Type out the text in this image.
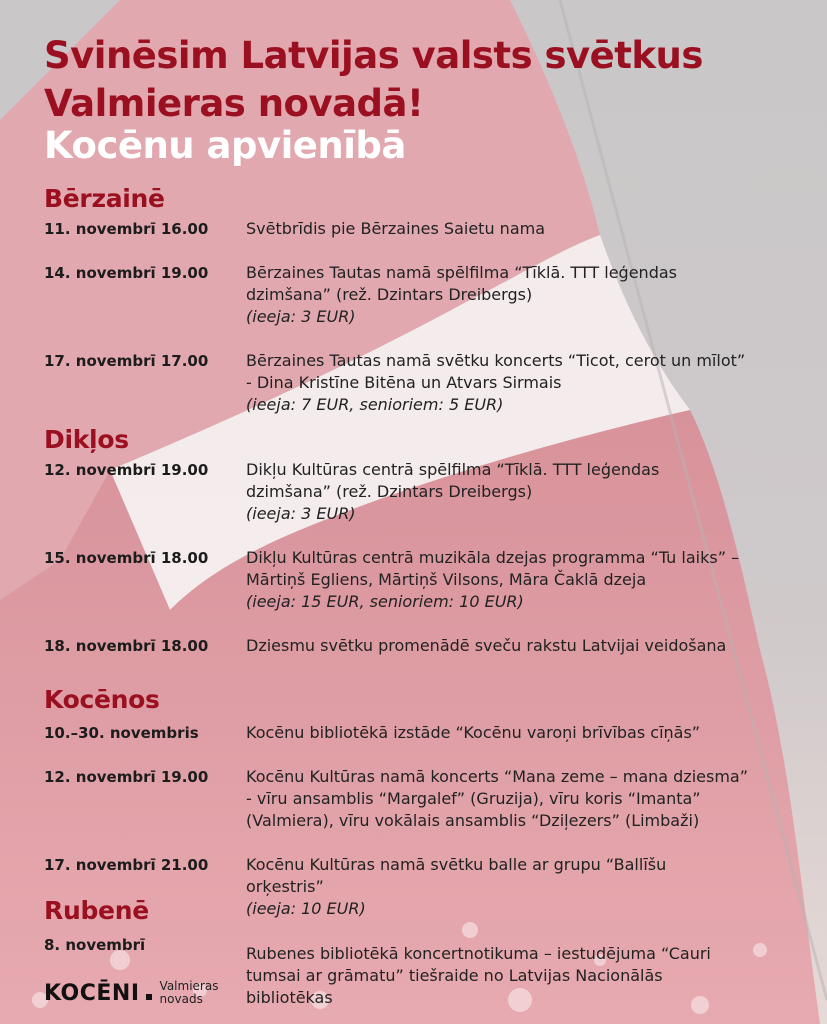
Svinēsim Latvijas valsts svētkus
Valmieras novadā!
Kocēnu apvienībā
Bērzainē
11. novembrī 16.00 Svētbrīdis pie Bērzaines Saietu nama
14. novembrī 19.00 Bērzaines Tautas namā spēlfilma “Tīklā. TTT leģendas
dzimšana” (rež. Dzintars Dreibergs)
(ieeja: 3 EUR)
17. novembrī 17.00 Bērzaines Tautas namā svētku koncerts “Ticot, cerot un mīlot”
- Dina Kristīne Bitēna un Atvars Sirmais
(ieeja: 7 EUR, senioriem: 5 EUR)
Dikļos
12. novembrī 19.00 Dikļu Kultūras centrā spēlfilma “Tīklā. TTT leģendas
dzimšana” (rež. Dzintars Dreibergs)
(ieeja: 3 EUR)
15. novembrī 18.00 Dikļu Kultūras centrā muzikāla dzejas programma “Tu laiks” –
Mārtiņš Egliens, Mārtiņš Vilsons, Māra Čaklā dzeja
(ieeja: 15 EUR, senioriem: 10 EUR)
18. novembrī 18.00 Dziesmu svētku promenādē sveču rakstu Latvijai veidošana
Kocēnos
10.–30. novembris	Kocēnu bibliotēkā izstāde “Kocēnu varoņi brīvības cīņās”
12. novembrī 19.00 Kocēnu Kultūras namā koncerts “Mana zeme – mana dziesma”
- vīru ansamblis “Margalef” (Gruzija), vīru koris “Imanta”
(Valmiera), vīru vokālais ansamblis “Dziļezers” (Limbaži)
17. novembrī 21.00 Kocēnu Kultūras namā svētku balle ar grupu “Ballīšu
orķestris”
(ieeja: 10 EUR)
Rubenē
8. novembrī	Rubenes bibliotēkā koncertnotikuma – iestudējuma “Cauri
tumsai ar grāmatu” tiešraide no Latvijas Nacionālās
bibliotēkas
KOCĒNI Valmieras
novads
